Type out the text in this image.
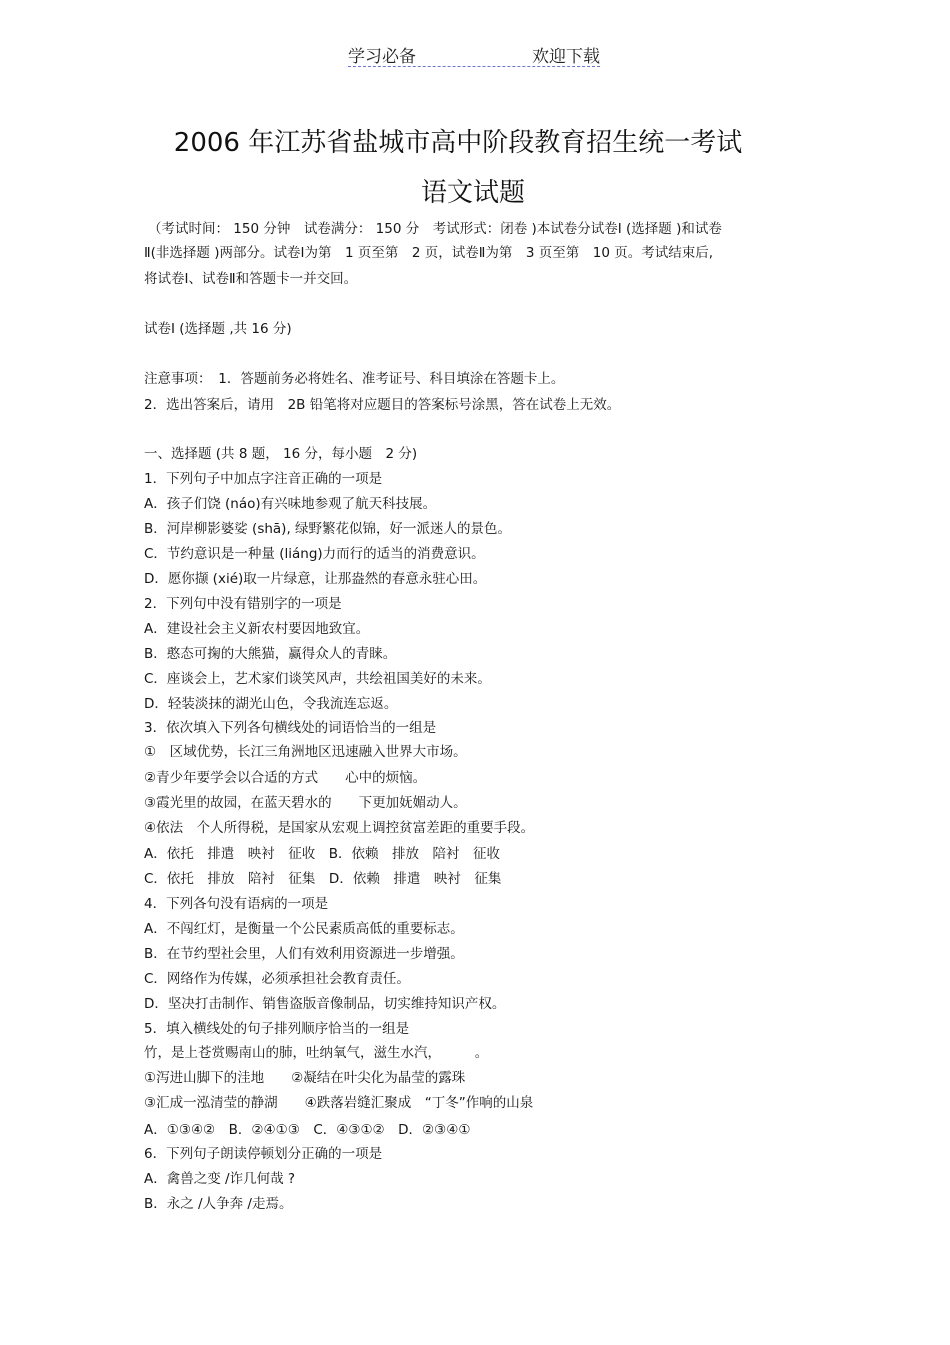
学习必备	欢迎下载
2006 年江苏省盐城市高中阶段教育招生统一考试
语文试题
（考试时间： 150 分钟　试卷满分： 150 分　考试形式：闭卷 )本试卷分试卷Ⅰ (选择题 )和试卷
Ⅱ(非选择题 )两部分。试卷Ⅰ为第　1 页至第　2 页，试卷Ⅱ为第　3 页至第　10 页。考试结束后,
将试卷Ⅰ、试卷Ⅱ和答题卡一并交回。
试卷Ⅰ (选择题 ,共 16 分)
注意事项：　1．答题前务必将姓名、准考证号、科目填涂在答题卡上。
2．选出答案后，请用　2B 铅笔将对应题目的答案标号涂黑，答在试卷上无效。
一、选择题 (共 8 题， 16 分，每小题　2 分)
1．下列句子中加点字注音正确的一项是
A．孩子们饶 (náo)有兴味地参观了航天科技展。
B．河岸柳影婆娑 (shā), 绿野繁花似锦，好一派迷人的景色。
C．节约意识是一种量 (liáng)力而行的适当的消费意识。
D．愿你撷 (xié)取一片绿意，让那盎然的春意永驻心田。
2．下列句中没有错别字的一项是
A．建设社会主义新农村要因地致宜。
B．憨态可掬的大熊猫，赢得众人的青睐。
C．座谈会上，艺术家们谈笑风声，共绘祖国美好的未来。
D．轻装淡抹的湖光山色，令我流连忘返。
3．依次填入下列各句横线处的词语恰当的一组是
①　区域优势，长江三角洲地区迅速融入世界大市场。
②青少年要学会以合适的方式　　心中的烦恼。
③霞光里的故园，在蓝天碧水的　　下更加妩媚动人。
④依法　个人所得税，是国家从宏观上调控贫富差距的重要手段。
A．依托　排遣　映衬　征收　B．依赖　排放　陪衬　征收
C．依托　排放　陪衬　征集　D．依赖　排遣　映衬　征集
4．下列各句没有语病的一项是
A．不闯红灯，是衡量一个公民素质高低的重要标志。
B．在节约型社会里，人们有效利用资源进一步增强。
C．网络作为传媒，必须承担社会教育责任。
D．坚决打击制作、销售盗版音像制品，切实维持知识产权。
5．填入横线处的句子排列顺序恰当的一组是
竹，是上苍赏赐南山的肺，吐纳氧气，滋生水汽，　　　。
①泻进山脚下的洼地　　②凝结在叶尖化为晶莹的露珠
③汇成一泓清莹的静湖　　④跌落岩缝汇聚成　“丁冬”作响的山泉
A．①③④②　B．②④①③　C．④③①②　D．②③④①
6．下列句子朗读停顿划分正确的一项是
A．禽兽之变 /诈几何哉 ?
B．永之 /人争奔 /走焉。
